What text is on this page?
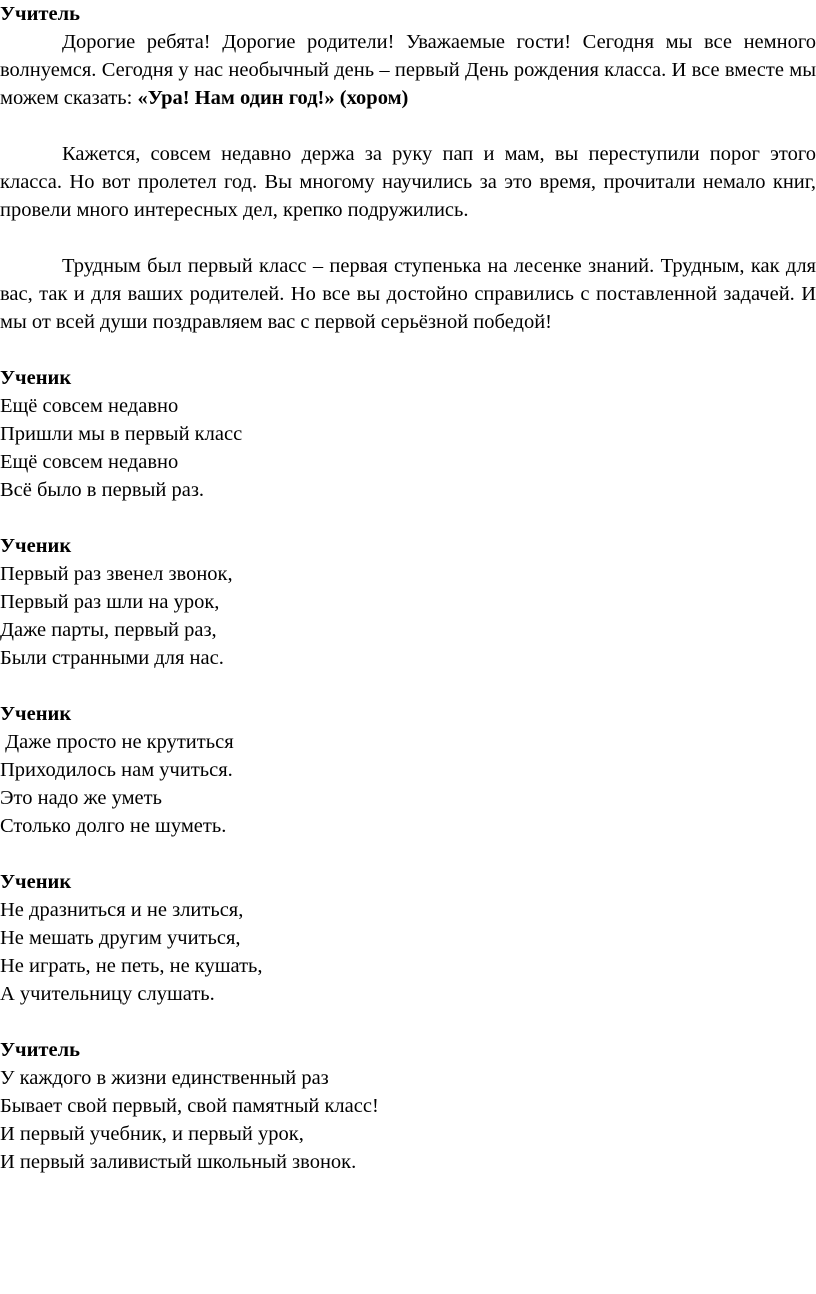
Учитель
Дорогие ребята! Дорогие родители! Уважаемые гости! Сегодня мы все немного волнуемся. Сегодня у нас необычный день – первый День рождения класса. И все вместе мы можем сказать: «Ура! Нам один год!» (хором)
Кажется, совсем недавно держа за руку пап и мам, вы переступили порог этого класса. Но вот пролетел год. Вы многому научились за это время, прочитали немало книг, провели много интересных дел, крепко подружились.
Трудным был первый класс – первая ступенька на лесенке знаний. Трудным, как для вас, так и для ваших родителей. Но все вы достойно справились с поставленной задачей. И мы от всей души поздравляем вас с первой серьёзной победой!
Ученик
Ещё совсем недавно
Пришли мы в первый класс
Ещё совсем недавно
Всё было в первый раз.
Ученик
Первый раз звенел звонок,
Первый раз шли на урок,
Даже парты, первый раз,
Были странными для нас.
Ученик
Даже просто не крутиться
Приходилось нам учиться.
Это надо же уметь
Столько долго не шуметь.
Ученик
Не дразниться и не злиться,
Не мешать другим учиться,
Не играть, не петь, не кушать,
А учительницу слушать.
Учитель
У каждого в жизни единственный раз
Бывает свой первый, свой памятный класс!
И первый учебник, и первый урок,
И первый заливистый школьный звонок.
